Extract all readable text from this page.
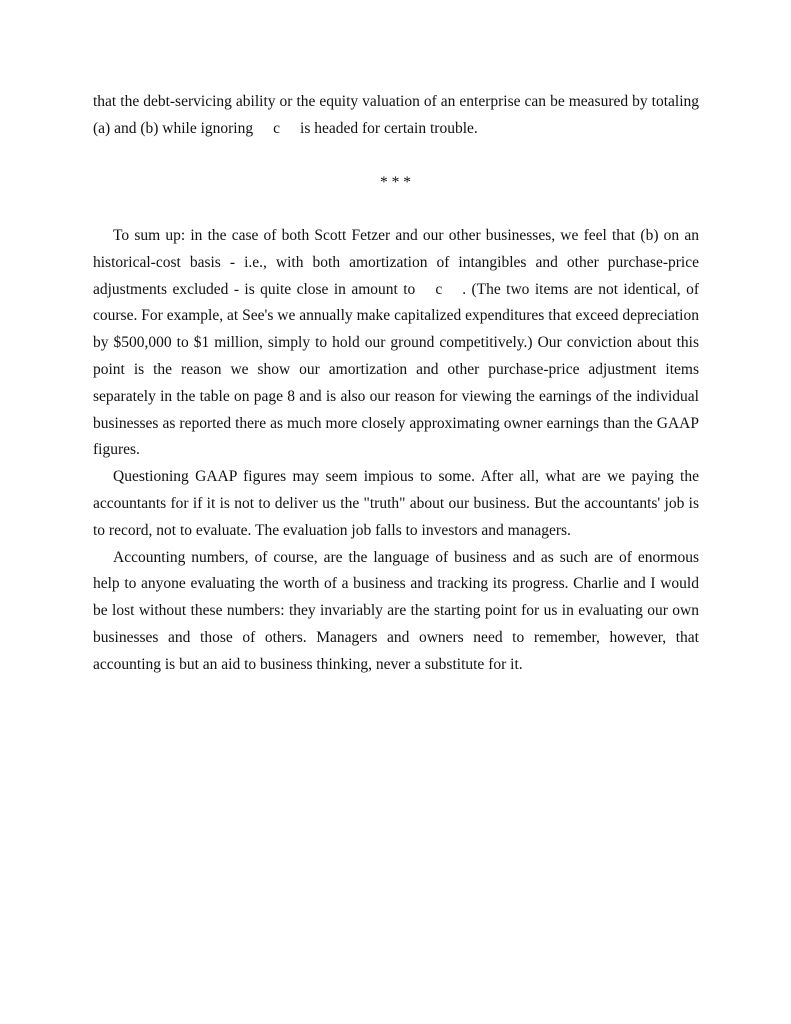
that the debt-servicing ability or the equity valuation of an enterprise can be measured by totaling (a) and (b) while ignoring c is headed for certain trouble.

* * *

To sum up: in the case of both Scott Fetzer and our other businesses, we feel that (b) on an historical-cost basis - i.e., with both amortization of intangibles and other purchase-price adjustments excluded - is quite close in amount to c . (The two items are not identical, of course. For example, at See's we annually make capitalized expenditures that exceed depreciation by $500,000 to $1 million, simply to hold our ground competitively.) Our conviction about this point is the reason we show our amortization and other purchase-price adjustment items separately in the table on page 8 and is also our reason for viewing the earnings of the individual businesses as reported there as much more closely approximating owner earnings than the GAAP figures.

Questioning GAAP figures may seem impious to some. After all, what are we paying the accountants for if it is not to deliver us the "truth" about our business. But the accountants' job is to record, not to evaluate. The evaluation job falls to investors and managers.

Accounting numbers, of course, are the language of business and as such are of enormous help to anyone evaluating the worth of a business and tracking its progress. Charlie and I would be lost without these numbers: they invariably are the starting point for us in evaluating our own businesses and those of others. Managers and owners need to remember, however, that accounting is but an aid to business thinking, never a substitute for it.
